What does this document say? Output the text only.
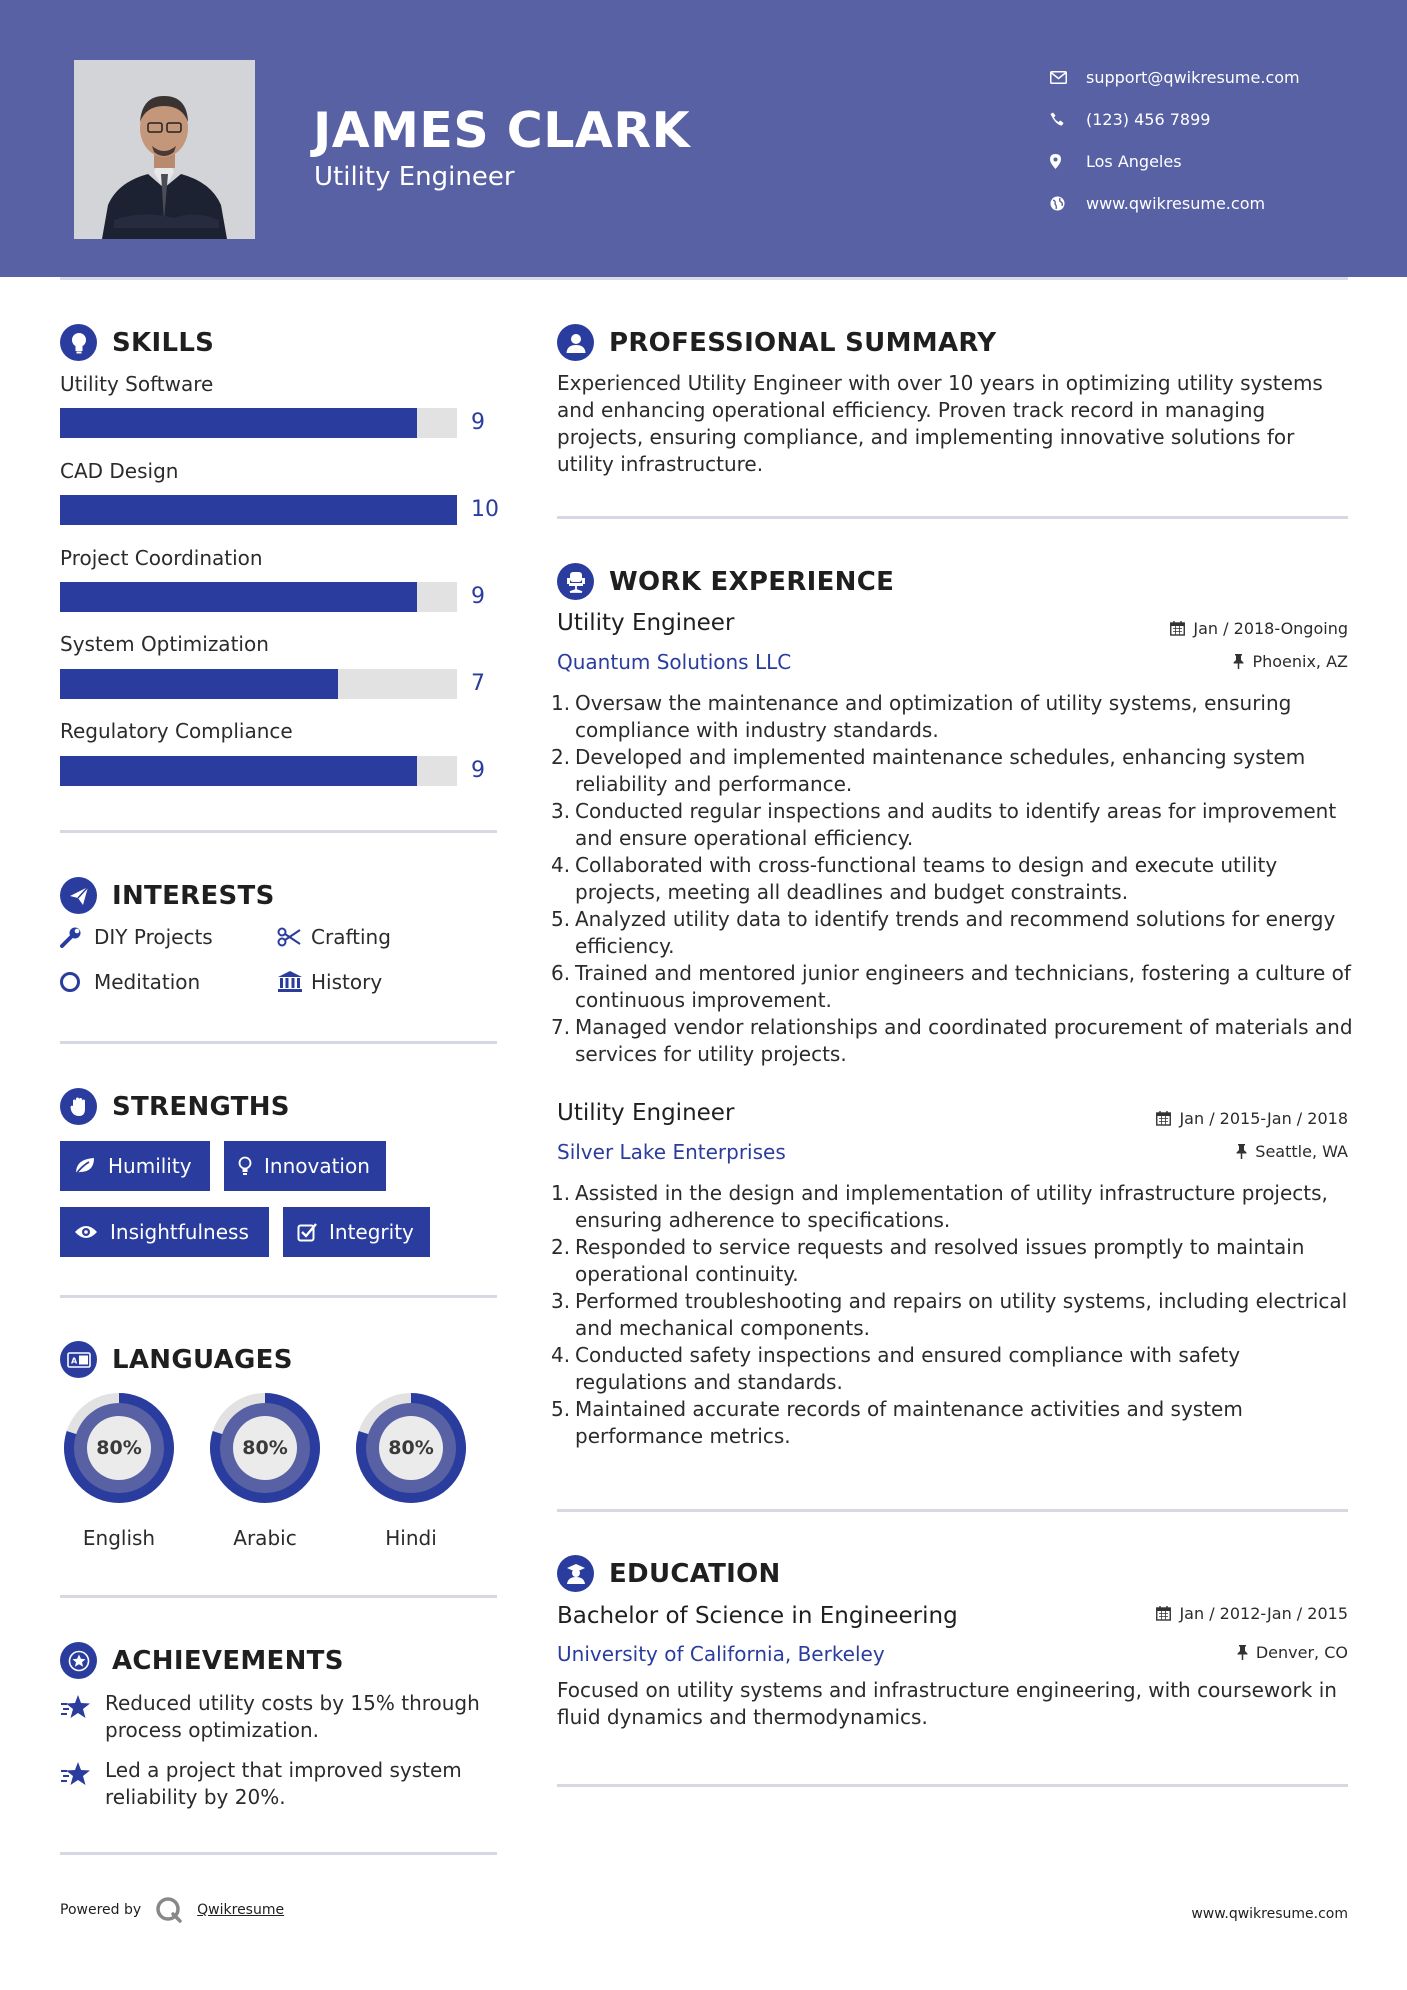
JAMES CLARK
Utility Engineer
support@qwikresume.com
(123) 456 7899
Los Angeles
www.qwikresume.com
SKILLS
Utility Software
9
CAD Design
10
Project Coordination
9
System Optimization
7
Regulatory Compliance
9
INTERESTS
DIY Projects	Crafting
Meditation	History
STRENGTHS
Humility	Innovation
Insightfulness	Integrity
A LANGUAGES
80%
English
80%
Arabic
80%
Hindi
ACHIEVEMENTS
Reduced utility costs by 15% through process optimization.
Led a project that improved system reliability by 20%.
PROFESSIONAL SUMMARY
Experienced Utility Engineer with over 10 years in optimizing utility systems and enhancing operational efficiency. Proven track record in managing projects, ensuring compliance, and implementing innovative solutions for utility infrastructure.
WORK EXPERIENCE
Utility Engineer	Jan / 2018-Ongoing
Quantum Solutions LLC	Phoenix, AZ
1. Oversaw the maintenance and optimization of utility systems, ensuring compliance with industry standards.
2. Developed and implemented maintenance schedules, enhancing system reliability and performance.
3. Conducted regular inspections and audits to identify areas for improvement and ensure operational efficiency.
4. Collaborated with cross-functional teams to design and execute utility projects, meeting all deadlines and budget constraints.
5. Analyzed utility data to identify trends and recommend solutions for energy efficiency.
6. Trained and mentored junior engineers and technicians, fostering a culture of continuous improvement.
7. Managed vendor relationships and coordinated procurement of materials and services for utility projects.
Utility Engineer	Jan / 2015-Jan / 2018
Silver Lake Enterprises	Seattle, WA
1. Assisted in the design and implementation of utility infrastructure projects, ensuring adherence to specifications.
2. Responded to service requests and resolved issues promptly to maintain operational continuity.
3. Performed troubleshooting and repairs on utility systems, including electrical and mechanical components.
4. Conducted safety inspections and ensured compliance with safety regulations and standards.
5. Maintained accurate records of maintenance activities and system performance metrics.
EDUCATION
Bachelor of Science in Engineering	Jan / 2012-Jan / 2015
University of California, Berkeley	Denver, CO
Focused on utility systems and infrastructure engineering, with coursework in fluid dynamics and thermodynamics.
Powered by	Qwikresume	www.qwikresume.com
